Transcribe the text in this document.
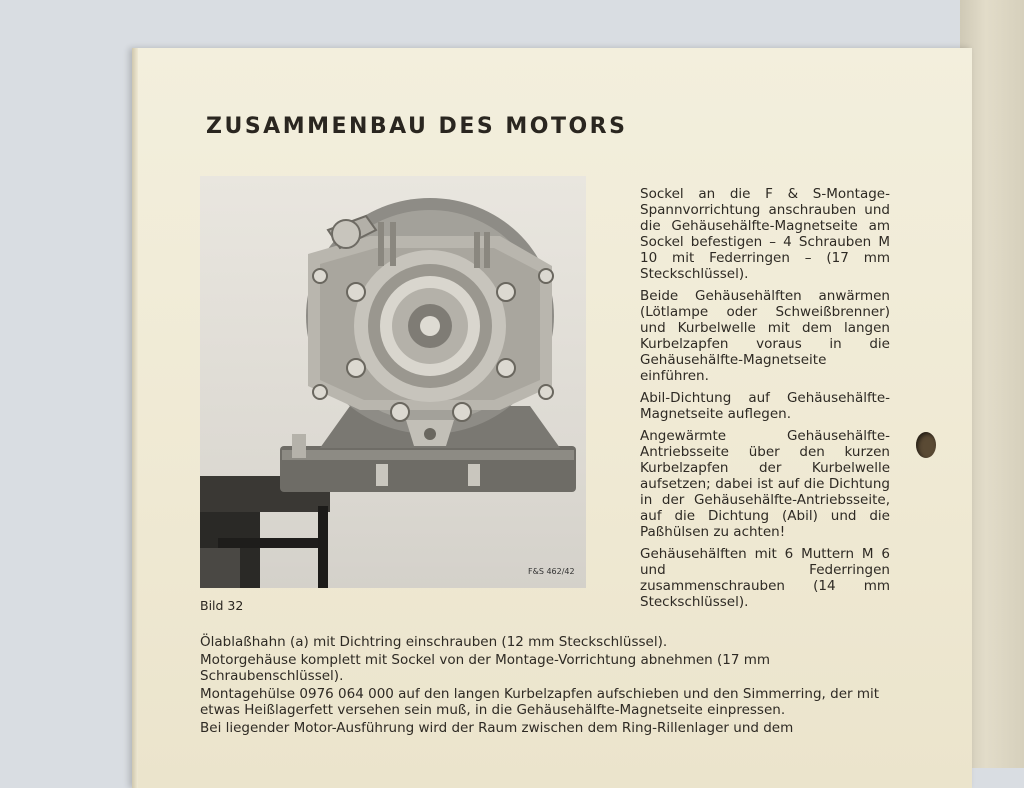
ZUSAMMENBAU DES MOTORS
F&S 462/42
Bild 32

Sockel an die F & S-Montage-Spannvorrichtung anschrauben und die Gehäusehälfte-Magnetseite am Sockel befestigen – 4 Schrauben M 10 mit Federringen – (17 mm Steckschlüssel).

Beide Gehäusehälften anwärmen (Lötlampe oder Schweißbrenner) und Kurbelwelle mit dem langen Kurbelzapfen voraus in die Gehäusehälfte-Magnetseite einführen.

Abil-Dichtung auf Gehäusehälfte-Magnetseite auflegen.

Angewärmte Gehäusehälfte-Antriebsseite über den kurzen Kurbelzapfen der Kurbelwelle aufsetzen; dabei ist auf die Dichtung in der Gehäusehälfte-Antriebsseite, auf die Dichtung (Abil) und die Paßhülsen zu achten!

Gehäusehälften mit 6 Muttern M 6 und Federringen zusammenschrauben (14 mm Steckschlüssel).

Ölablaßhahn (a) mit Dichtring einschrauben (12 mm Steckschlüssel).

Motorgehäuse komplett mit Sockel von der Montage-Vorrichtung abnehmen (17 mm Schraubenschlüssel).

Montagehülse 0976 064 000 auf den langen Kurbelzapfen aufschieben und den Simmerring, der mit etwas Heißlagerfett versehen sein muß, in die Gehäusehälfte-Magnetseite einpressen.

Bei liegender Motor-Ausführung wird der Raum zwischen dem Ring-Rillenlager und dem
